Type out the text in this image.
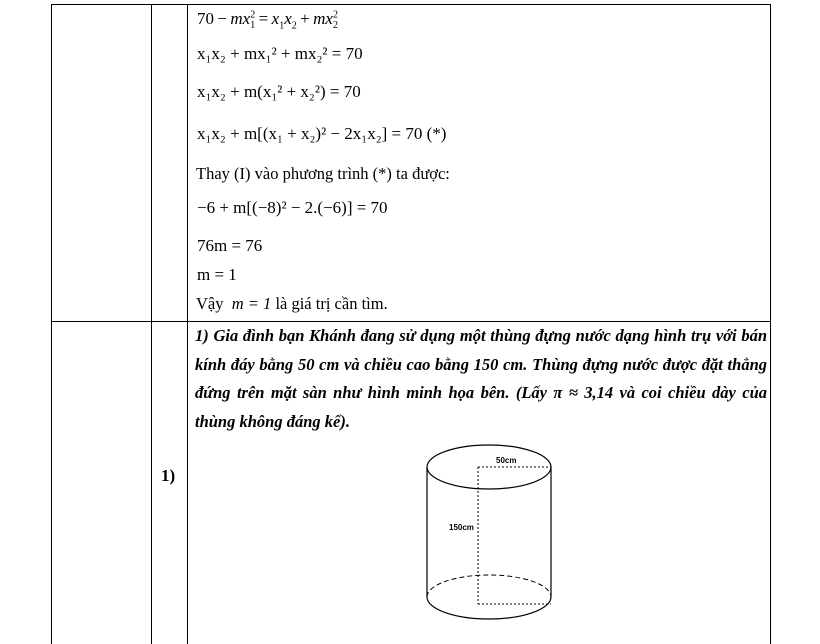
$70 - mx_1^2 = x_1x_2 + mx_2^2$
x₁x₂ + mx₁² + mx₂² = 70
x₁x₂ + m(x₁² + x₂²) = 70
x₁x₂ + m[(x₁ + x₂)² − 2x₁x₂] = 70 (*)
Thay (I) vào phương trình (*) ta được:
−6 + m[(−8)² − 2.(−6)] = 70
76m = 76
m = 1
Vậy m = 1 là giá trị cần tìm.
1)
1) Gia đình bạn Khánh đang sử dụng một thùng đựng nước dạng hình trụ với bán kính đáy bằng 50 cm và chiều cao bằng 150 cm. Thùng đựng nước được đặt thẳng đứng trên mặt sàn như hình minh họa bên. (Lấy π ≈ 3,14 và coi chiều dày của thùng không đáng kể).
50cm
150cm
